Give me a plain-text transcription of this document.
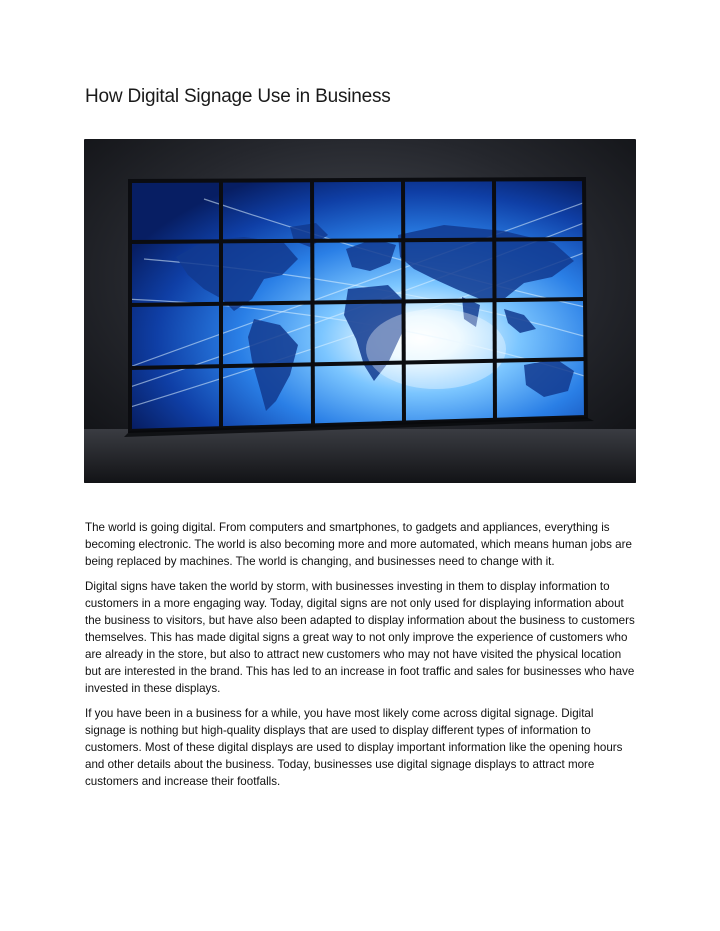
How Digital Signage Use in Business

The world is going digital. From computers and smartphones, to gadgets and appliances, everything is becoming electronic. The world is also becoming more and more automated, which means human jobs are being replaced by machines. The world is changing, and businesses need to change with it.

Digital signs have taken the world by storm, with businesses investing in them to display information to customers in a more engaging way. Today, digital signs are not only used for displaying information about the business to visitors, but have also been adapted to display information about the business to customers themselves. This has made digital signs a great way to not only improve the experience of customers who are already in the store, but also to attract new customers who may not have visited the physical location but are interested in the brand. This has led to an increase in foot traffic and sales for businesses who have invested in these displays.

If you have been in a business for a while, you have most likely come across digital signage. Digital signage is nothing but high-quality displays that are used to display different types of information to customers. Most of these digital displays are used to display important information like the opening hours and other details about the business. Today, businesses use digital signage displays to attract more customers and increase their footfalls.
